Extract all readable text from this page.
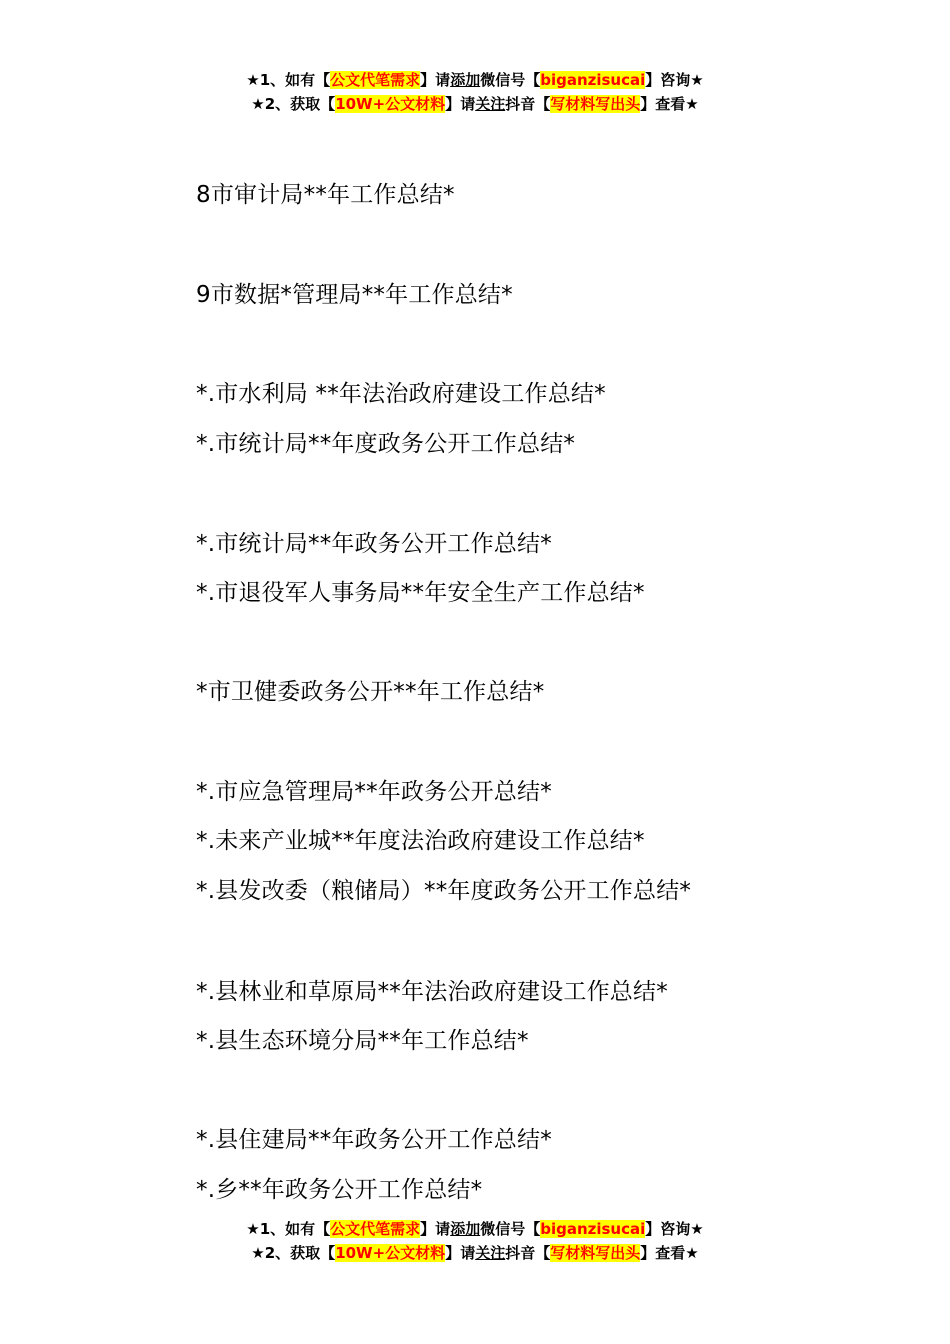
★1、如有【公文代笔需求】请添加微信号【biganzisucai】咨询★
★2、获取【10W+公文材料】请关注抖音【写材料写出头】查看★
8市审计局**年工作总结*
9市数据*管理局**年工作总结*
*.市水利局 **年法治政府建设工作总结*
*.市统计局**年度政务公开工作总结*
*.市统计局**年政务公开工作总结*
*.市退役军人事务局**年安全生产工作总结*
*市卫健委政务公开**年工作总结*
*.市应急管理局**年政务公开总结*
*.未来产业城**年度法治政府建设工作总结*
*.县发改委（粮储局）**年度政务公开工作总结*
*.县林业和草原局**年法治政府建设工作总结*
*.县生态环境分局**年工作总结*
*.县住建局**年政务公开工作总结*
*.乡**年政务公开工作总结*
★1、如有【公文代笔需求】请添加微信号【biganzisucai】咨询★
★2、获取【10W+公文材料】请关注抖音【写材料写出头】查看★
